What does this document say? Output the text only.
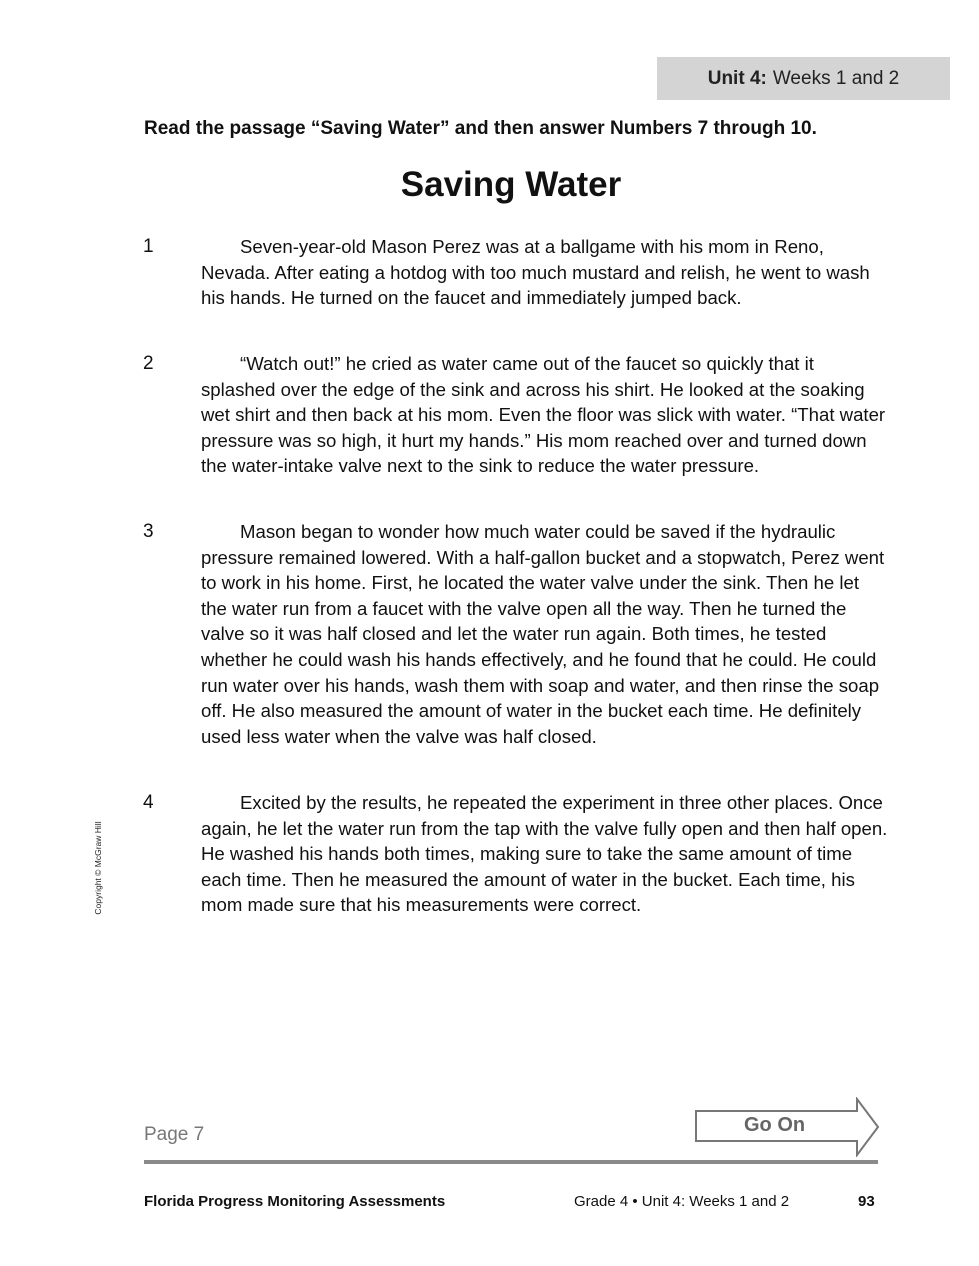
Unit 4: Weeks 1 and 2
Read the passage “Saving Water” and then answer Numbers 7 through 10.
Saving Water
1	Seven-year-old Mason Perez was at a ballgame with his mom in Reno, Nevada. After eating a hotdog with too much mustard and relish, he went to wash his hands. He turned on the faucet and immediately jumped back.

2	“Watch out!” he cried as water came out of the faucet so quickly that it splashed over the edge of the sink and across his shirt. He looked at the soaking wet shirt and then back at his mom. Even the floor was slick with water. “That water pressure was so high, it hurt my hands.” His mom reached over and turned down the water-intake valve next to the sink to reduce the water pressure.

3	Mason began to wonder how much water could be saved if the hydraulic pressure remained lowered. With a half-gallon bucket and a stopwatch, Perez went to work in his home. First, he located the water valve under the sink. Then he let the water run from a faucet with the valve open all the way. Then he turned the valve so it was half closed and let the water run again. Both times, he tested whether he could wash his hands effectively, and he found that he could. He could run water over his hands, wash them with soap and water, and then rinse the soap off. He also measured the amount of water in the bucket each time. He definitely used less water when the valve was half closed.

4	Excited by the results, he repeated the experiment in three other places. Once again, he let the water run from the tap with the valve fully open and then half open. He washed his hands both times, making sure to take the same amount of time each time. Then he measured the amount of water in the bucket. Each time, his mom made sure that his measurements were correct.

Copyright © McGraw Hill
Page 7	Go On
Florida Progress Monitoring Assessments	Grade 4 • Unit 4: Weeks 1 and 2	93
